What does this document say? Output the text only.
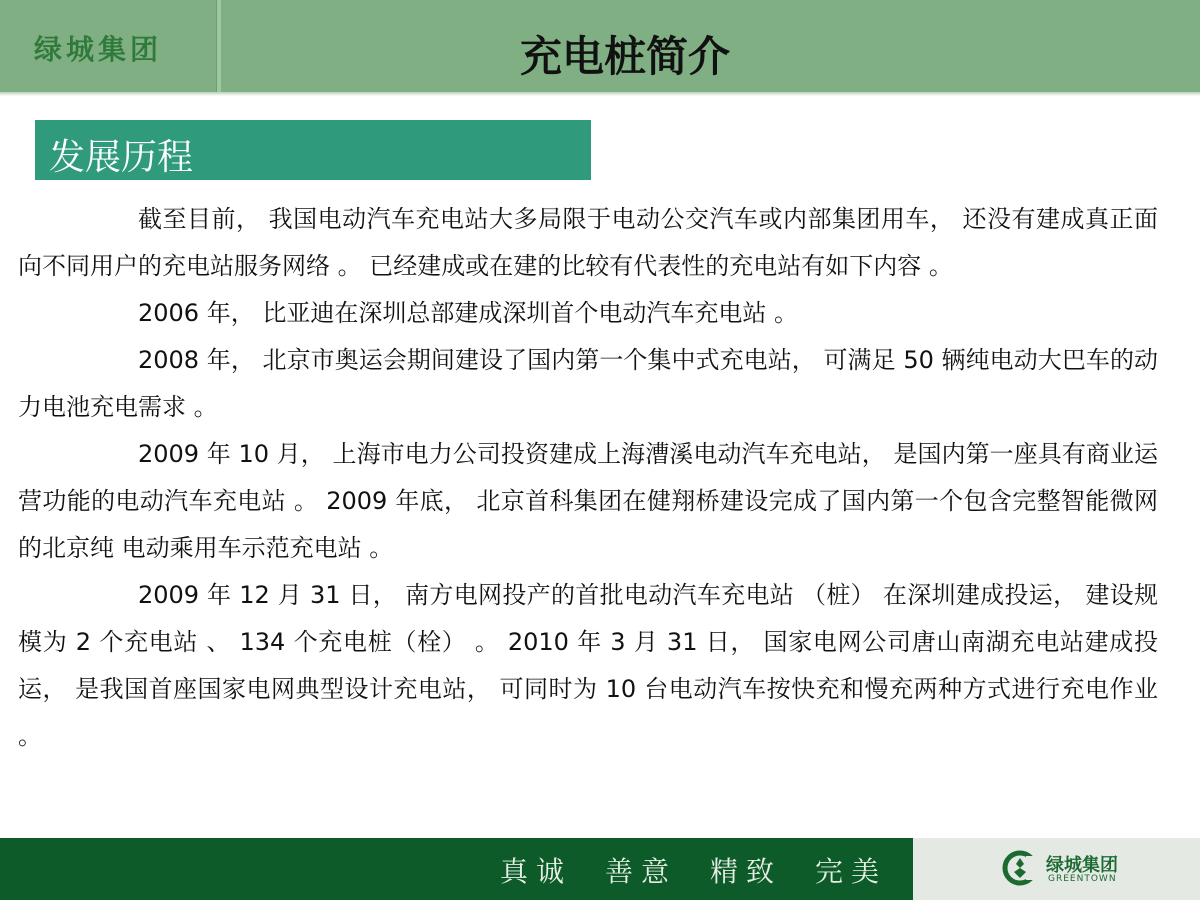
绿城集团	充电桩简介
发展历程

截至目前， 我国电动汽车充电站大多局限于电动公交汽车或内部集团用车， 还没有建成真正面向不同用户的充电站服务网络 。 已经建成或在建的比较有代表性的充电站有如下内容 。

2006 年， 比亚迪在深圳总部建成深圳首个电动汽车充电站 。

2008 年， 北京市奥运会期间建设了国内第一个集中式充电站， 可满足 50 辆纯电动大巴车的动力电池充电需求 。

2009 年 10 月， 上海市电力公司投资建成上海漕溪电动汽车充电站， 是国内第一座具有商业运营功能的电动汽车充电站 。 2009 年底， 北京首科集团在健翔桥建设完成了国内第一个包含完整智能微网的北京纯 电动乘用车示范充电站 。

2009 年 12 月 31 日， 南方电网投产的首批电动汽车充电站 （桩） 在深圳建成投运， 建设规模为 2 个充电站 、 134 个充电桩（栓） 。 2010 年 3 月 31 日， 国家电网公司唐山南湖充电站建成投运， 是我国首座国家电网典型设计充电站， 可同时为 10 台电动汽车按快充和慢充两种方式进行充电作业 。

真诚 善意 精致 完美	绿城集团
GREENTOWN
